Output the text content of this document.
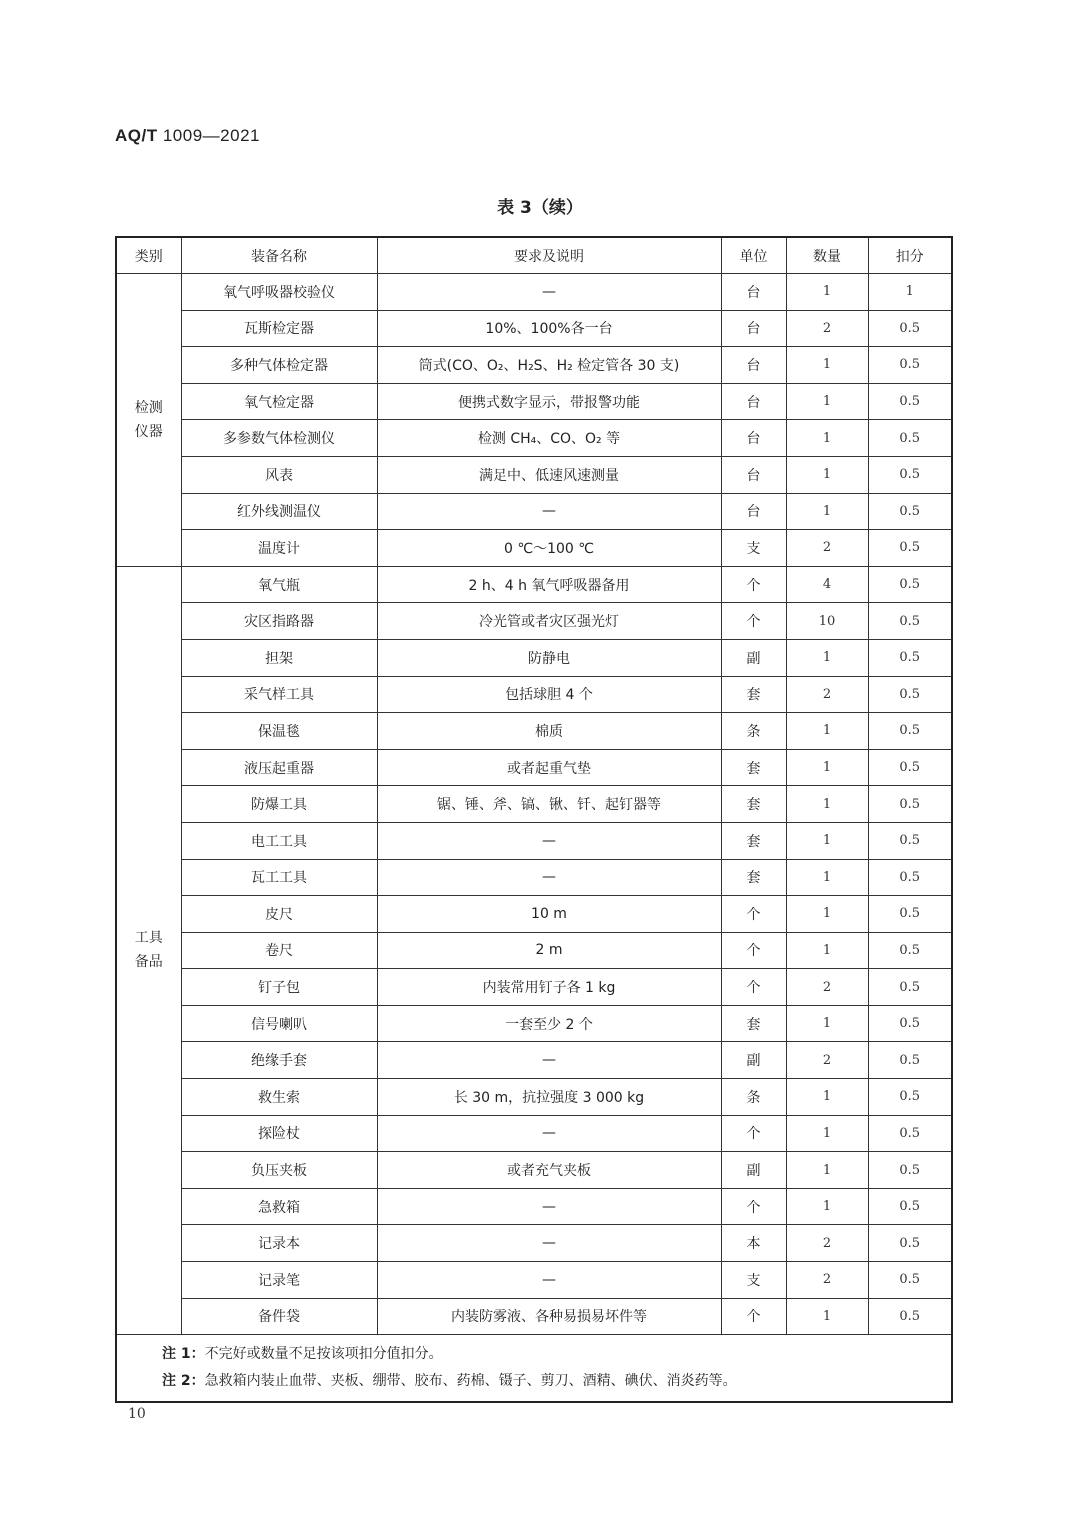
AQ/T 1009—2021
表 3（续）
类别	装备名称	要求及说明	单位	数量	扣分

检测
仪器	氧气呼吸器校验仪	—	台	1	1
	瓦斯检定器	10%、100%各一台	台	2	0.5
	多种气体检定器	筒式(CO、O₂、H₂S、H₂ 检定管各 30 支)	台	1	0.5
	氧气检定器	便携式数字显示，带报警功能	台	1	0.5
	多参数气体检测仪	检测 CH₄、CO、O₂ 等	台	1	0.5
	风表	满足中、低速风速测量	台	1	0.5
	红外线测温仪	—	台	1	0.5
	温度计	0 ℃～100 ℃	支	2	0.5

工具
备品	氧气瓶	2 h、4 h 氧气呼吸器备用	个	4	0.5
	灾区指路器	冷光管或者灾区强光灯	个	10	0.5
	担架	防静电	副	1	0.5
	采气样工具	包括球胆 4 个	套	2	0.5
	保温毯	棉质	条	1	0.5
	液压起重器	或者起重气垫	套	1	0.5
	防爆工具	锯、锤、斧、镐、锹、钎、起钉器等	套	1	0.5
	电工工具	—	套	1	0.5
	瓦工工具	—	套	1	0.5
	皮尺	10 m	个	1	0.5
	卷尺	2 m	个	1	0.5
	钉子包	内装常用钉子各 1 kg	个	2	0.5
	信号喇叭	一套至少 2 个	套	1	0.5
	绝缘手套	—	副	2	0.5
	救生索	长 30 m，抗拉强度 3 000 kg	条	1	0.5
	探险杖	—	个	1	0.5
	负压夹板	或者充气夹板	副	1	0.5
	急救箱	—	个	1	0.5
	记录本	—	本	2	0.5
	记录笔	—	支	2	0.5
	备件袋	内装防雾液、各种易损易坏件等	个	1	0.5

注 1：不完好或数量不足按该项扣分值扣分。
注 2：急救箱内装止血带、夹板、绷带、胶布、药棉、镊子、剪刀、酒精、碘伏、消炎药等。					
10
